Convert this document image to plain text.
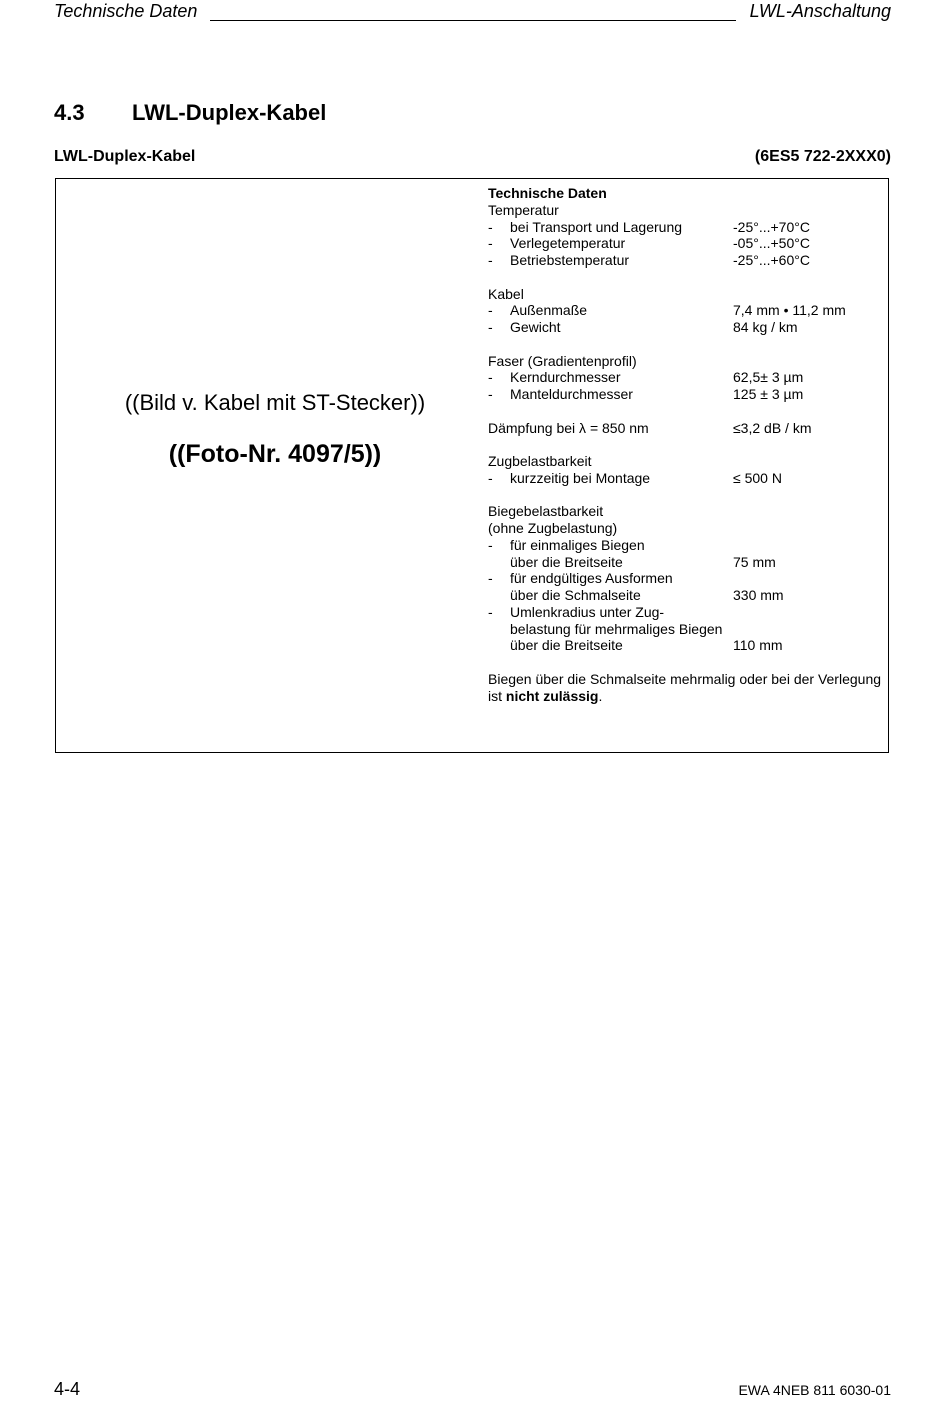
Technische Daten	LWL-Anschaltung
4.3 LWL-Duplex-Kabel
LWL-Duplex-Kabel	(6ES5 722-2XXX0)
((Bild v. Kabel mit ST-Stecker))
((Foto-Nr. 4097/5))
Technische Daten
Temperatur
- bei Transport und Lagerung	-25°...+70°C
- Verlegetemperatur	-05°...+50°C
- Betriebstemperatur	-25°...+60°C
Kabel
- Außenmaße	7,4 mm • 11,2 mm
- Gewicht	84 kg / km
Faser (Gradientenprofil)
- Kerndurchmesser	62,5± 3 µm
- Manteldurchmesser	125 ± 3 µm
Dämpfung bei λ = 850 nm	≤3,2 dB / km
Zugbelastbarkeit
- kurzzeitig bei Montage	≤ 500 N
Biegebelastbarkeit
(ohne Zugbelastung)
- für einmaliges Biegen
über die Breitseite	75 mm
- für endgültiges Ausformen
über die Schmalseite	330 mm
- Umlenkradius unter Zug-
belastung für mehrmaliges Biegen
über die Breitseite	110 mm
Biegen über die Schmalseite mehrmalig oder bei der Verlegung ist nicht zulässig.
4-4	EWA 4NEB 811 6030-01
